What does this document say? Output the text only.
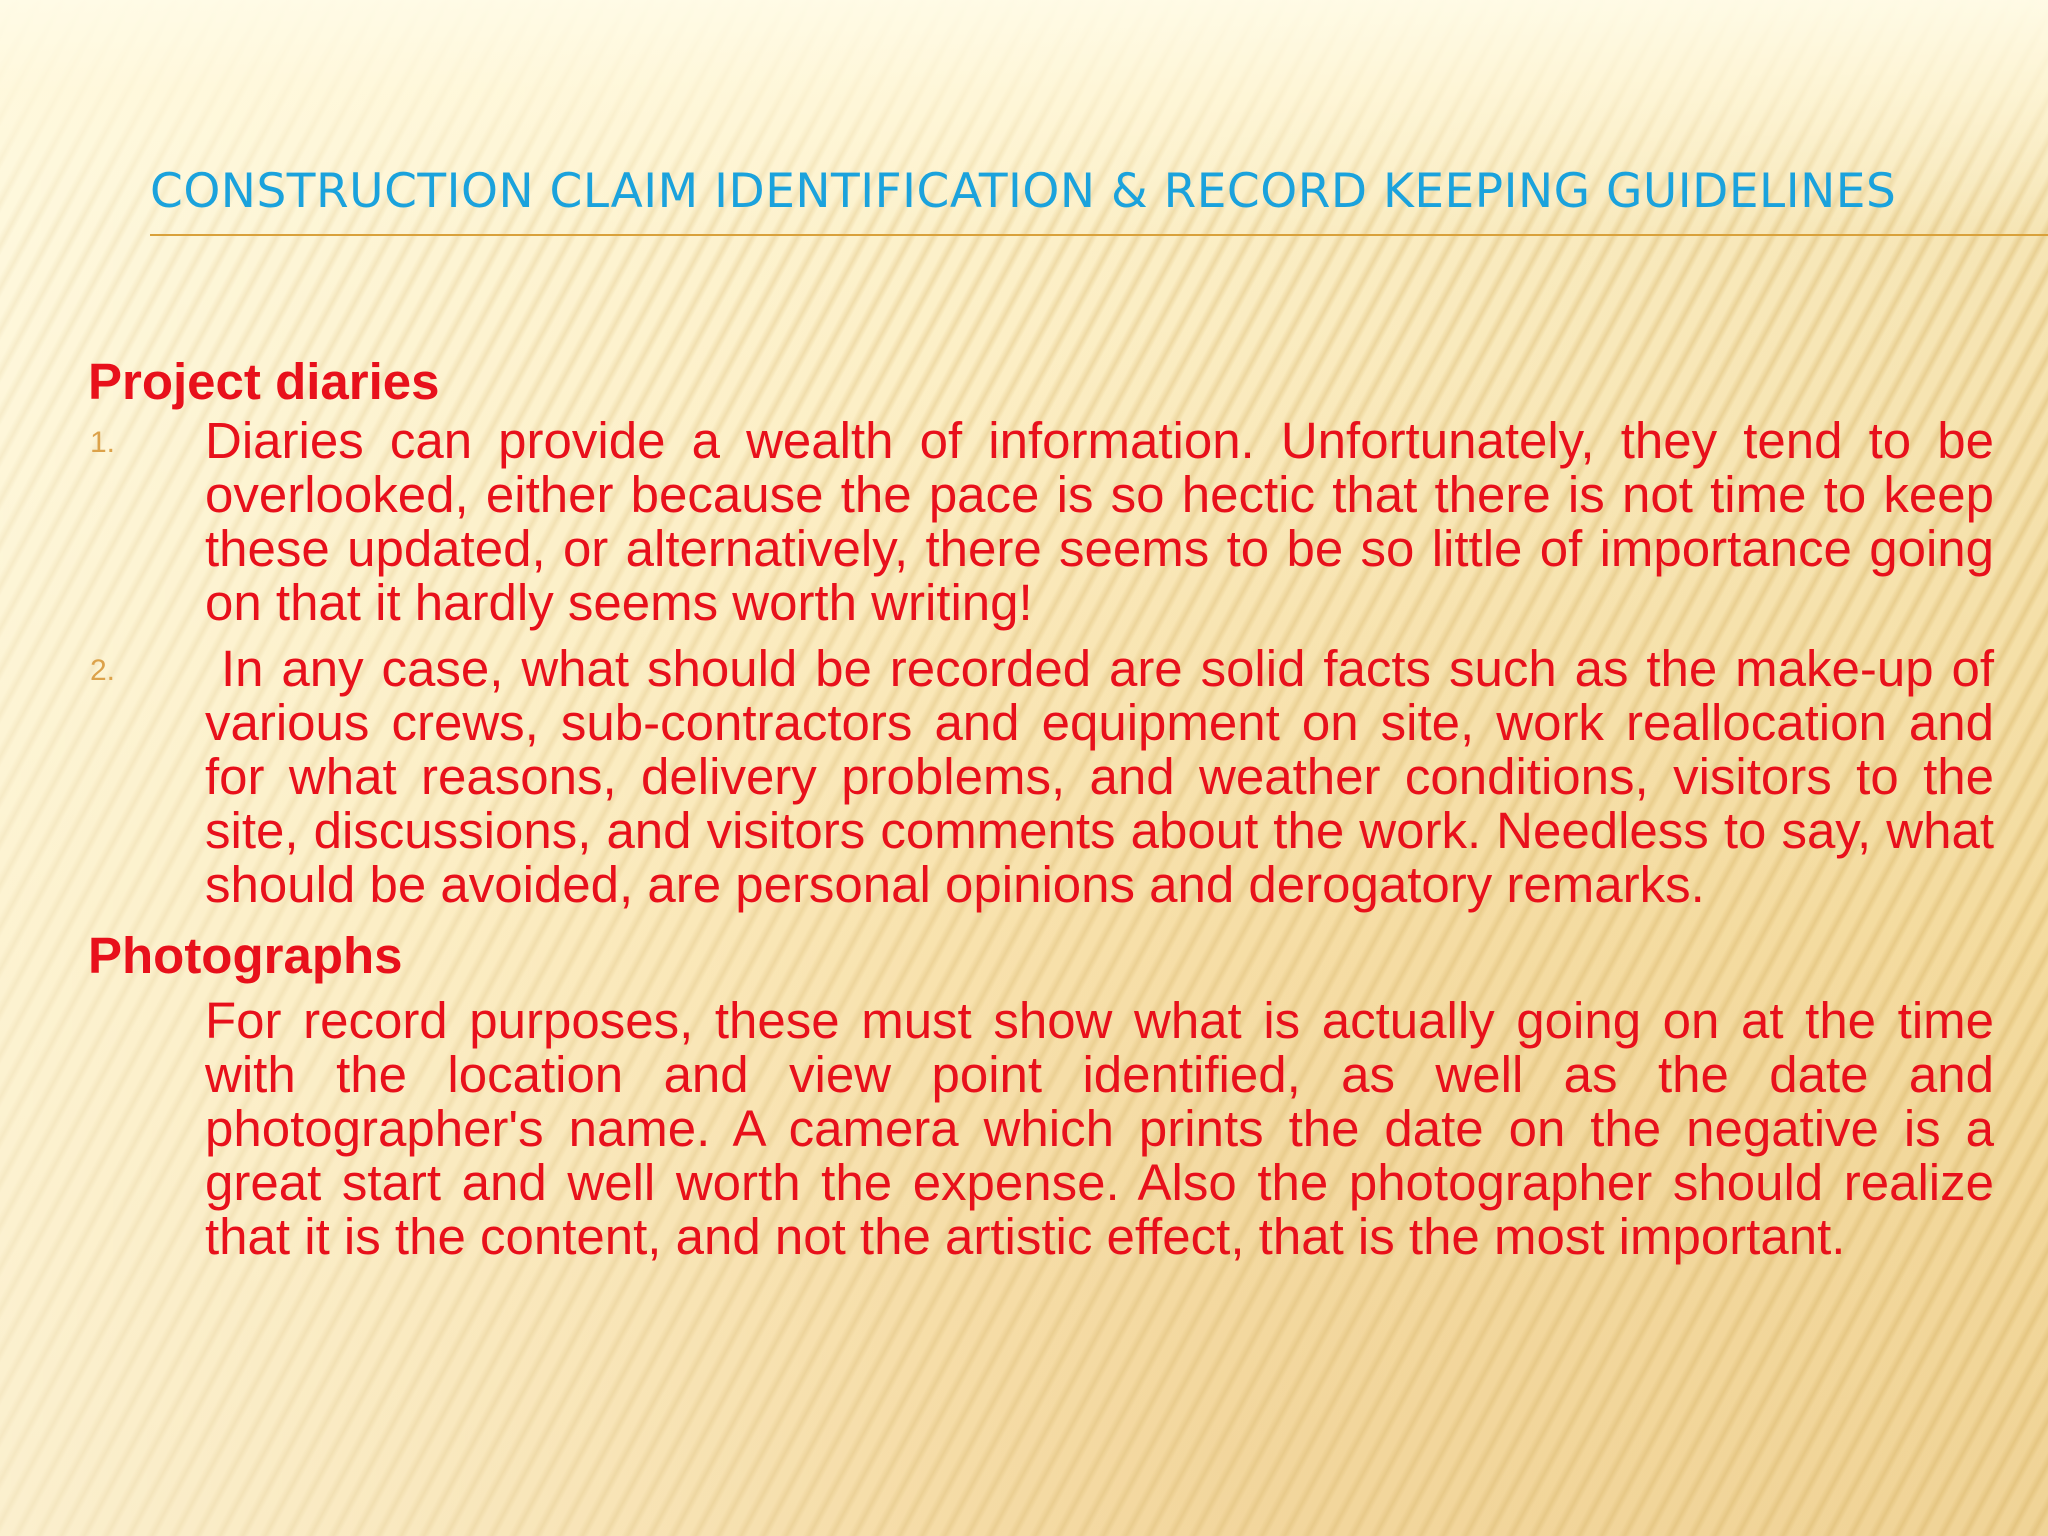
CONSTRUCTION CLAIM IDENTIFICATION & RECORD KEEPING GUIDELINES

Project diaries

1. Diaries can provide a wealth of information. Unfortunately, they tend to be overlooked, either because the pace is so hectic that there is not time to keep these updated, or alternatively, there seems to be so little of importance going on that it hardly seems worth writing!

2.	In any case, what should be recorded are solid facts such as the make-up of various crews, sub-contractors and equipment on site, work reallocation and for what reasons, delivery problems, and weather conditions, visitors to the site, discussions, and visitors comments about the work. Needless to say, what should be avoided, are personal opinions and derogatory remarks.

Photographs

For record purposes, these must show what is actually going on at the time with the location and view point identified, as well as the date and photographer's name. A camera which prints the date on the negative is a great start and well worth the expense. Also the photographer should realize that it is the content, and not the artistic effect, that is the most important.
